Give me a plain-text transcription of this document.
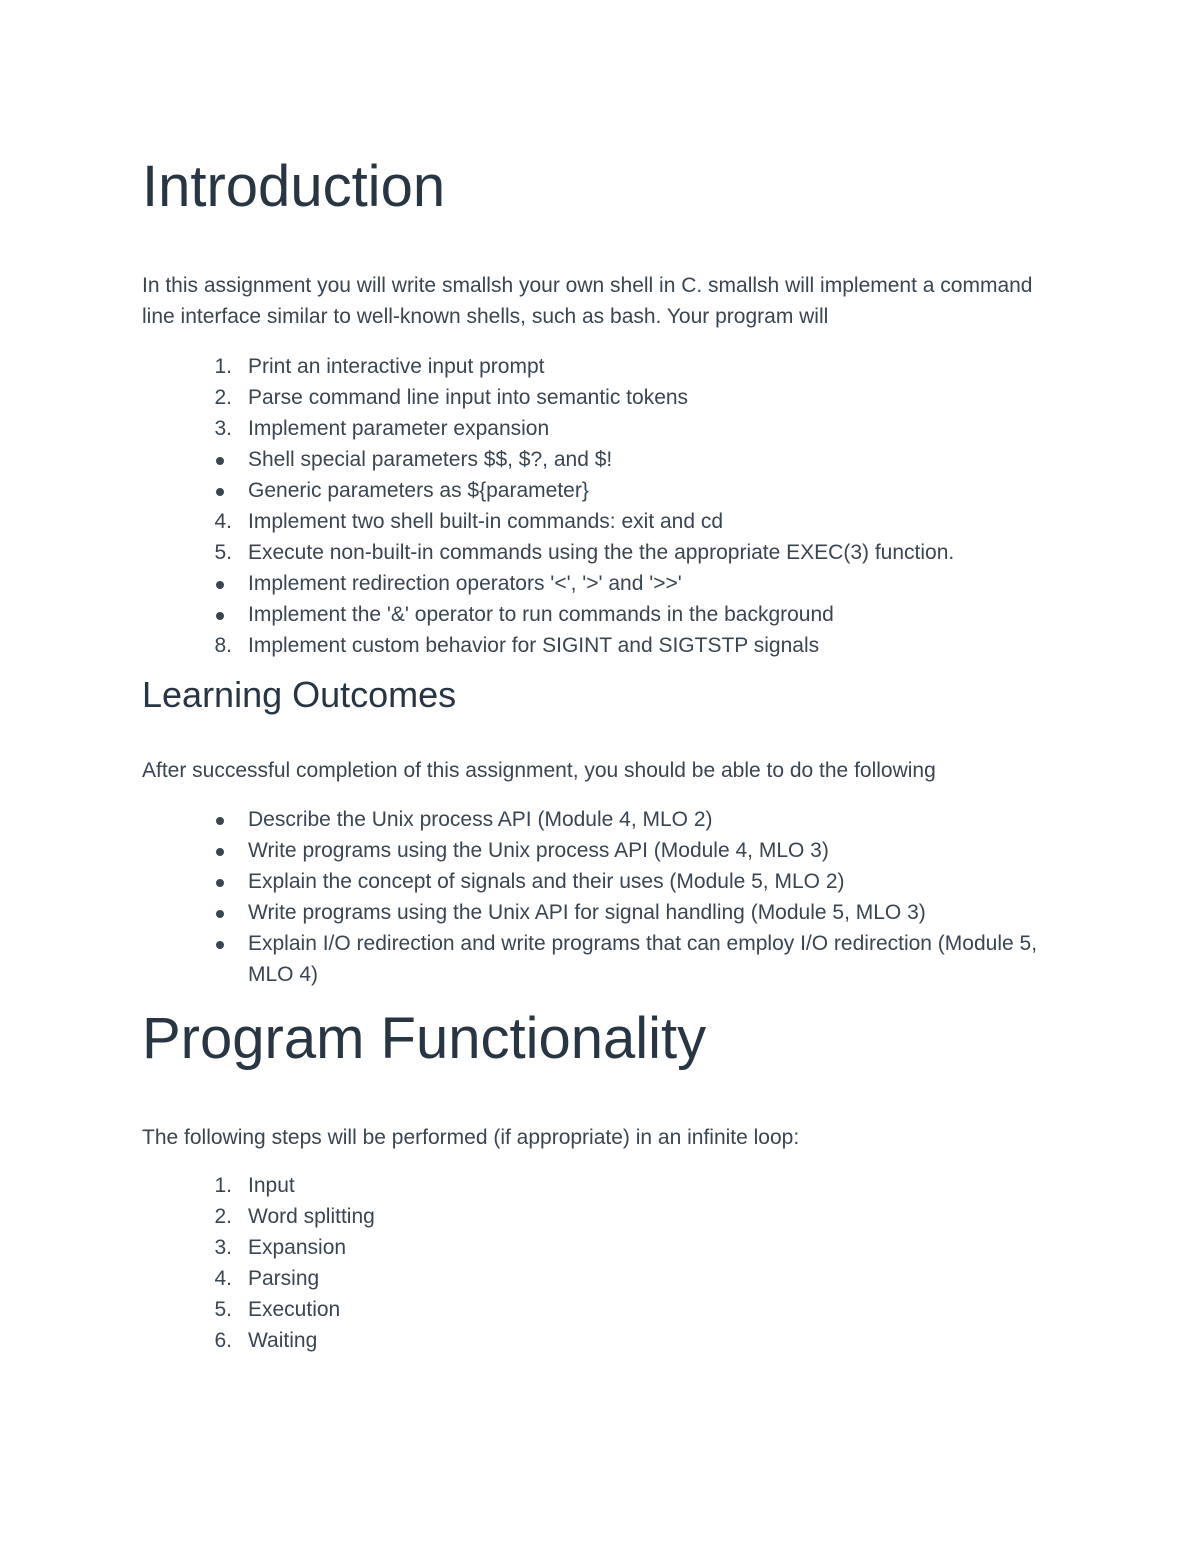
Introduction

In this assignment you will write smallsh your own shell in C. smallsh will implement a command line interface similar to well-known shells, such as bash. Your program will

1. Print an interactive input prompt
2. Parse command line input into semantic tokens
3. Implement parameter expansion
Shell special parameters $$, $?, and $!
Generic parameters as ${parameter}
4. Implement two shell built-in commands: exit and cd
5. Execute non-built-in commands using the the appropriate EXEC(3) function.
Implement redirection operators '<', '>' and '>>'
Implement the '&' operator to run commands in the background
8. Implement custom behavior for SIGINT and SIGTSTP signals
Learning Outcomes

After successful completion of this assignment, you should be able to do the following

Describe the Unix process API (Module 4, MLO 2)
Write programs using the Unix process API (Module 4, MLO 3)
Explain the concept of signals and their uses (Module 5, MLO 2)
Write programs using the Unix API for signal handling (Module 5, MLO 3)
Explain I/O redirection and write programs that can employ I/O redirection (Module 5, MLO 4)
Program Functionality

The following steps will be performed (if appropriate) in an infinite loop:

1. Input
2. Word splitting
3. Expansion
4. Parsing
5. Execution
6. Waiting
